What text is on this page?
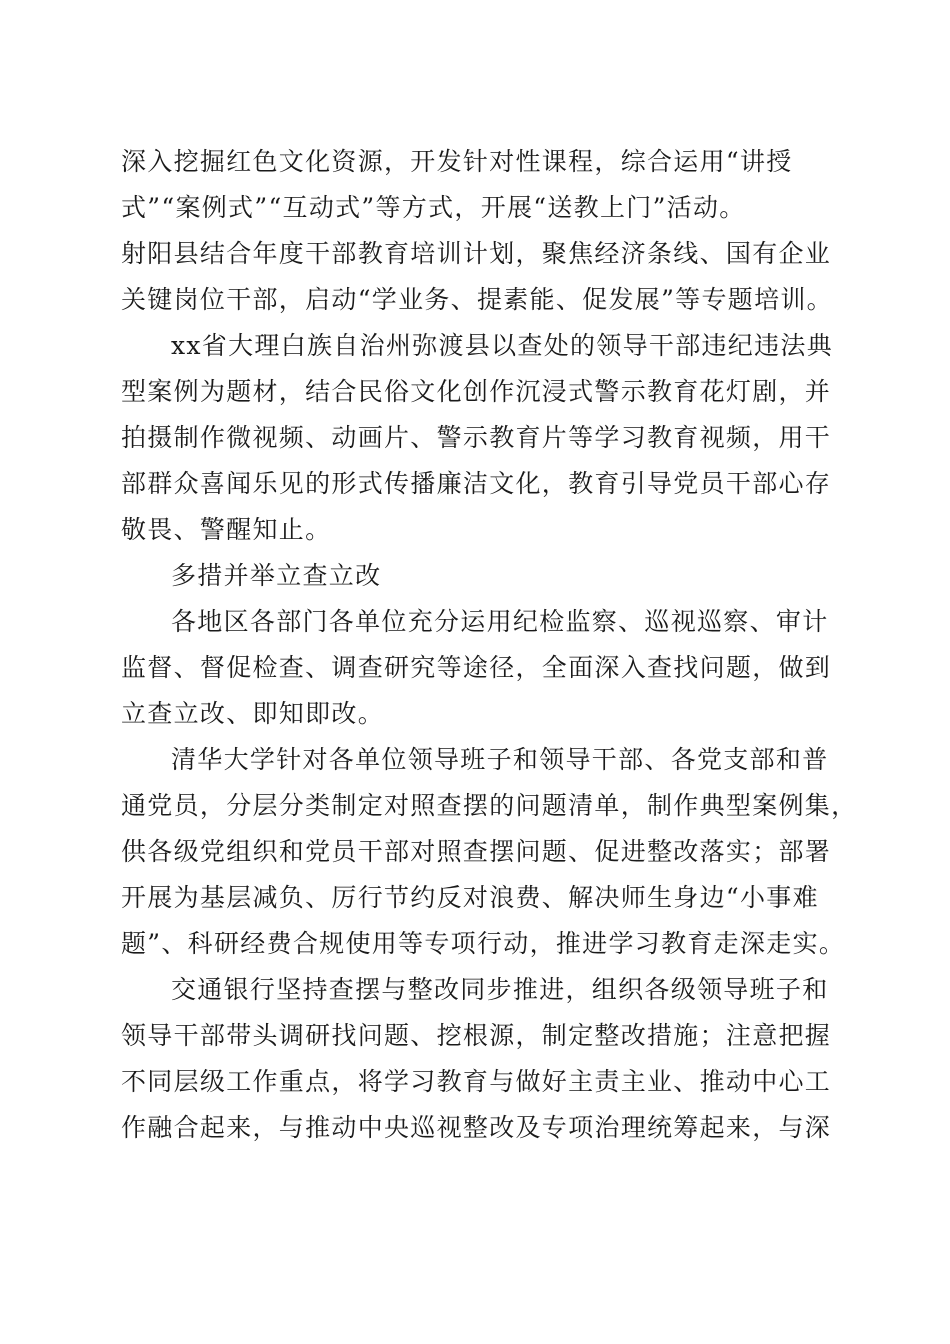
深入挖掘红色文化资源，开发针对性课程，综合运用“讲授
式”“案例式”“互动式”等方式，开展“送教上门”活动。
射阳县结合年度干部教育培训计划，聚焦经济条线、国有企业
关键岗位干部，启动“学业务、提素能、促发展”等专题培训。
xx省大理白族自治州弥渡县以查处的领导干部违纪违法典
型案例为题材，结合民俗文化创作沉浸式警示教育花灯剧，并
拍摄制作微视频、动画片、警示教育片等学习教育视频，用干
部群众喜闻乐见的形式传播廉洁文化，教育引导党员干部心存
敬畏、警醒知止。
多措并举立查立改
各地区各部门各单位充分运用纪检监察、巡视巡察、审计
监督、督促检查、调查研究等途径，全面深入查找问题，做到
立查立改、即知即改。
清华大学针对各单位领导班子和领导干部、各党支部和普
通党员，分层分类制定对照查摆的问题清单，制作典型案例集，
供各级党组织和党员干部对照查摆问题、促进整改落实；部署
开展为基层减负、厉行节约反对浪费、解决师生身边“小事难
题”、科研经费合规使用等专项行动，推进学习教育走深走实。
交通银行坚持查摆与整改同步推进，组织各级领导班子和
领导干部带头调研找问题、挖根源，制定整改措施；注意把握
不同层级工作重点，将学习教育与做好主责主业、推动中心工
作融合起来，与推动中央巡视整改及专项治理统筹起来，与深
